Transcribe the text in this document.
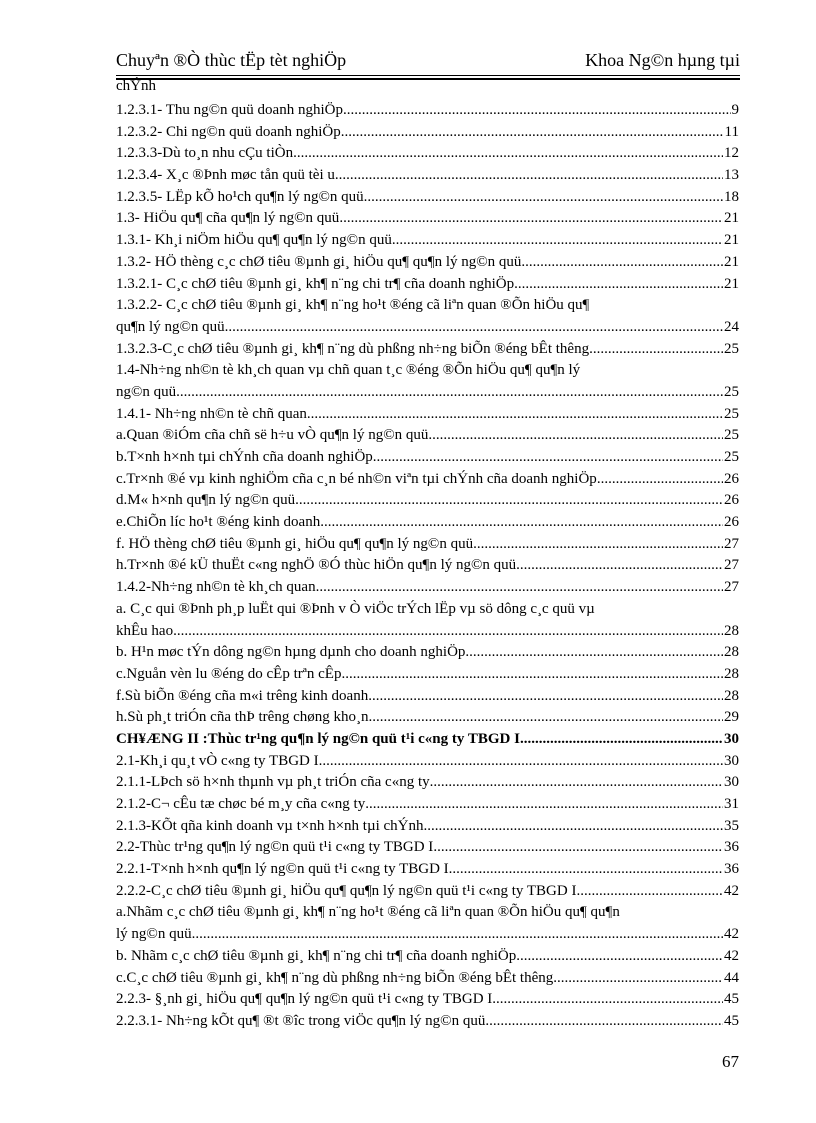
Chuyªn ®Ò thùc tËp tèt nghiÖp	Khoa Ng©n hµng tµi
chÝnh
1.2.3.1- Thu ng©n quü doanh nghiÖp .....	9
1.2.3.2- Chi ng©n quü doanh nghiÖp .....	11
1.2.3.3-Dù to¸n nhu cÇu tiÒn .....	12
1.2.3.4- X¸c ®Þnh møc tån quü tèi u .....	13
1.2.3.5- LËp kÕ ho¹ch qu¶n lý ng©n quü .....	18
1.3- HiÖu qu¶ cña qu¶n lý ng©n quü .....	21
1.3.1- Kh¸i niÖm hiÖu qu¶ qu¶n lý ng©n quü .....	21
1.3.2- HÖ thèng c¸c chØ tiêu ®µnh gi¸ hiÖu qu¶ qu¶n lý ng©n quü .....	21
1.3.2.1- C¸c chØ tiêu ®µnh gi¸ kh¶ n¨ng chi tr¶ cña doanh nghiÖp .....	21
1.3.2.2- C¸c chØ tiêu ®µnh gi¸ kh¶ n¨ng ho¹t ®éng cã liªn quan ®Õn hiÖu qu¶
qu¶n lý ng©n quü .....	24
1.3.2.3-C¸c chØ tiêu ®µnh gi¸ kh¶ n¨ng dù phßng nh÷ng biÕn ®éng bÊt thêng .....	25
1.4-Nh÷ng nh©n tè kh¸ch quan vµ chñ quan t¸c ®éng ®Õn hiÖu qu¶ qu¶n lý
ng©n quü .....	25
1.4.1- Nh÷ng nh©n tè chñ quan .....	25
a.Quan ®iÓm cña chñ së h÷u vÒ qu¶n lý ng©n quü .....	25
b.T×nh h×nh tµi chÝnh cña doanh nghiÖp .....	25
c.Tr×nh ®é vµ kinh nghiÖm cña c¸n bé nh©n viªn tµi chÝnh cña doanh nghiÖp .....	26
d.M« h×nh qu¶n lý ng©n quü .....	26
e.ChiÕn líc ho¹t ®éng kinh doanh .....	26
f. HÖ thèng chØ tiêu ®µnh gi¸ hiÖu qu¶ qu¶n lý ng©n quü .....	27
h.Tr×nh ®é kÜ thuËt c«ng nghÖ ®Ó thùc hiÖn qu¶n lý ng©n quü .....	27
1.4.2-Nh÷ng nh©n tè kh¸ch quan .....	27
a. C¸c qui ®Þnh ph¸p luËt qui ®Þnh v Ò viÖc trÝch lËp vµ sö dông c¸c quü vµ
khÊu hao .....	28
b. H¹n møc tÝn dông ng©n hµng dµnh cho doanh nghiÖp .....	28
c.Nguån vèn lu ®éng do cÊp trªn cÊp .....	28
f.Sù biÕn ®éng cña m«i trêng kinh doanh .....	28
h.Sù ph¸t triÓn cña thÞ trêng chøng kho¸n .....	29
CH¥ÆNG II :Thùc tr¹ng qu¶n lý ng©n quü t¹i c«ng ty TBGD I .....	30
2.1-Kh¸i qu¸t vÒ c«ng ty TBGD I .....	30
2.1.1-LÞch sö h×nh thµnh vµ ph¸t triÓn cña c«ng ty .....	30
2.1.2-C¬ cÊu tæ chøc bé m¸y cña c«ng ty .....	31
2.1.3-KÕt qña kinh doanh vµ t×nh h×nh tµi chÝnh .....	35
2.2-Thùc tr¹ng qu¶n lý ng©n quü t¹i c«ng ty TBGD I .....	36
2.2.1-T×nh h×nh qu¶n lý ng©n quü t¹i c«ng ty TBGD I .....	36
2.2.2-C¸c chØ tiêu ®µnh gi¸ hiÖu qu¶ qu¶n lý ng©n quü t¹i c«ng ty TBGD I .....	42
a.Nhãm c¸c chØ tiêu ®µnh gi¸ kh¶ n¨ng ho¹t ®éng cã liªn quan ®Õn hiÖu qu¶ qu¶n
lý ng©n quü .....	42
b. Nhãm c¸c chØ tiêu ®µnh gi¸ kh¶ n¨ng chi tr¶ cña doanh nghiÖp .....	42
c.C¸c chØ tiêu ®µnh gi¸ kh¶ n¨ng dù phßng nh÷ng biÕn ®éng bÊt thêng .....	44
2.2.3- §¸nh gi¸ hiÖu qu¶ qu¶n lý ng©n quü t¹i c«ng ty TBGD I .....	45
2.2.3.1- Nh÷ng kÕt qu¶ ®t ®îc trong viÖc qu¶n lý ng©n quü .....	45
67
